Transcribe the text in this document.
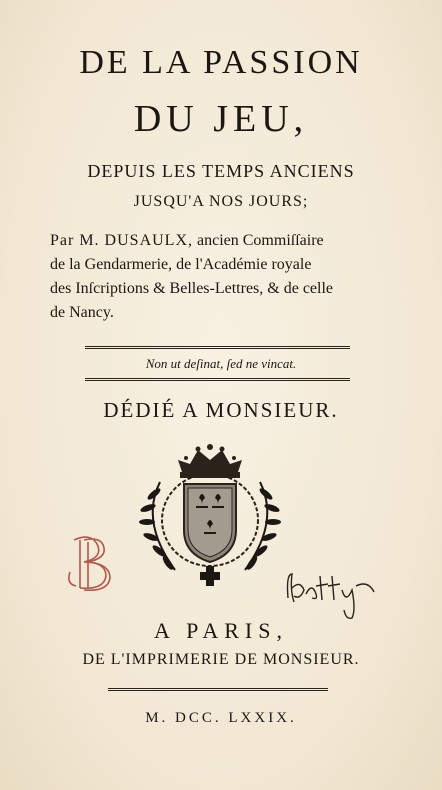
DE LA PASSION
DU JEU,
DEPUIS LES TEMPS ANCIENS
JUSQU'A NOS JOURS;
Par M. DUSAULX, ancien Commiſſaire
de la Gendarmerie, de l'Académie royale
des Inſcriptions & Belles-Lettres, & de celle
de Nancy.
Non ut deſinat, ſed ne vincat.
DÉDIÉ A MONSIEUR.
A PARIS,
DE L'IMPRIMERIE DE MONSIEUR.
M. DCC. LXXIX.
